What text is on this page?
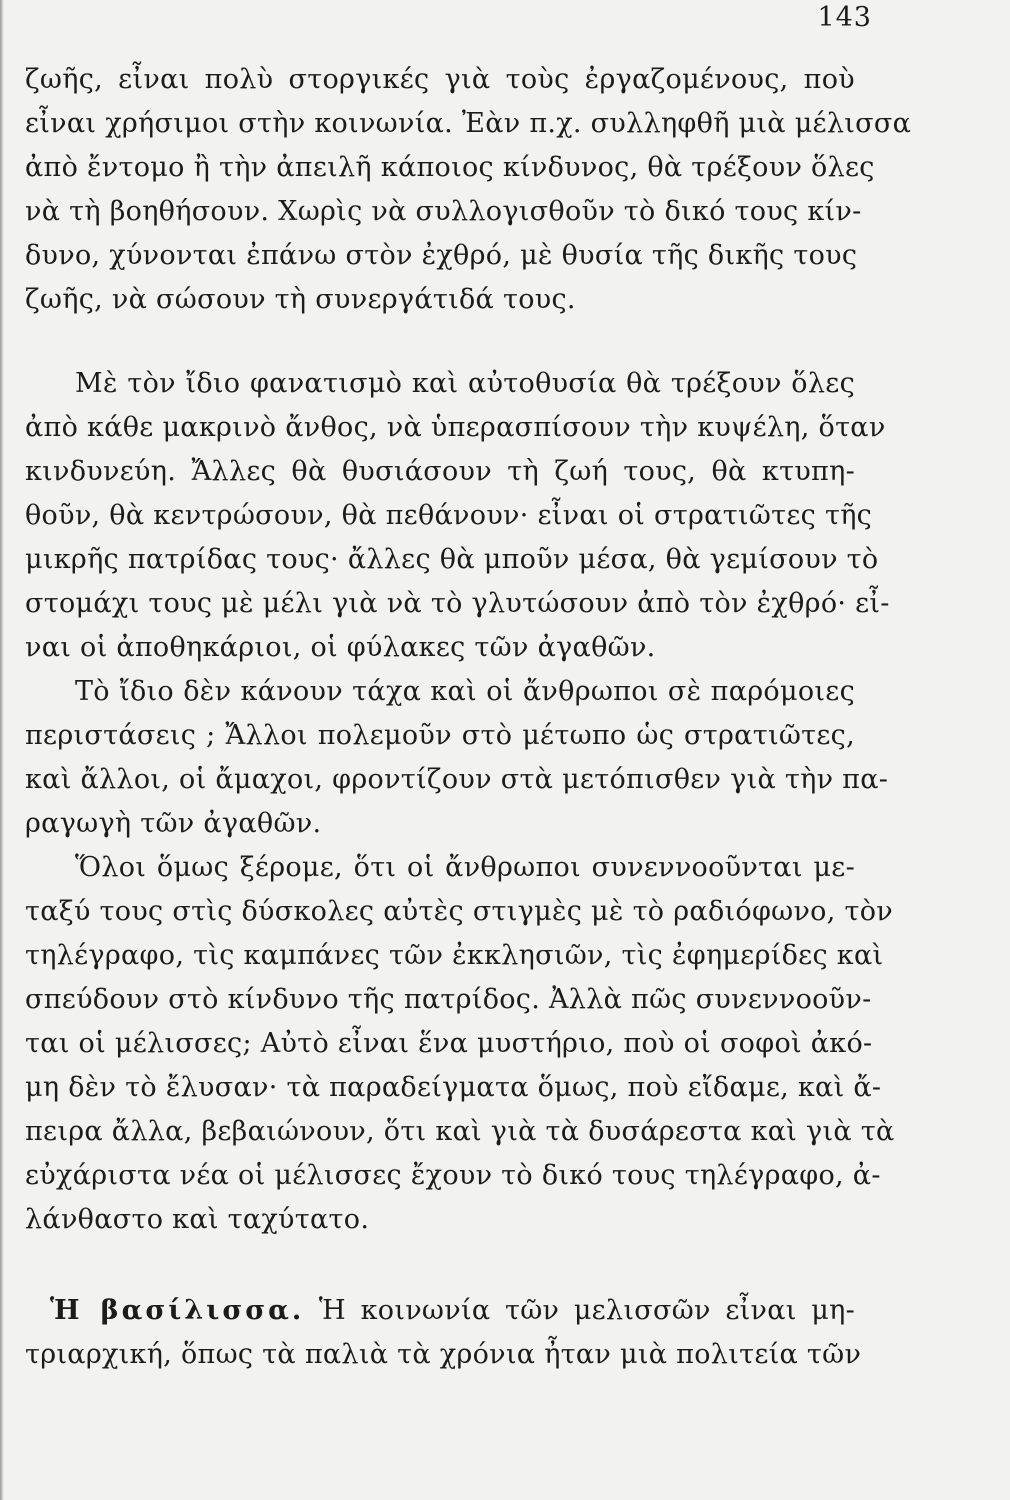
143
ζωῆς, εἶναι πολὺ στοργικές γιὰ τοὺς ἐργαζομένους, ποὺ
εἶναι χρήσιμοι στὴν κοινωνία. Ἐὰν π.χ. συλληφθῆ μιὰ μέλισσα
ἀπὸ ἔντομο ἢ τὴν ἀπειλῆ κάποιος κίνδυνος, θὰ τρέξουν ὅλες
νὰ τὴ βοηθήσουν. Χωρὶς νὰ συλλογισθοῦν τὸ δικό τους κίν-
δυνο, χύνονται ἐπάνω στὸν ἐχθρό, μὲ θυσία τῆς δικῆς τους
ζωῆς, νὰ σώσουν τὴ συνεργάτιδά τους.
Μὲ τὸν ἴδιο φανατισμὸ καὶ αὐτοθυσία θὰ τρέξουν ὅλες
ἀπὸ κάθε μακρινὸ ἄνθος, νὰ ὑπερασπίσουν τὴν κυψέλη, ὅταν
κινδυνεύη. Ἄλλες θὰ θυσιάσουν τὴ ζωή τους, θὰ κτυπη-
θοῦν, θὰ κεντρώσουν, θὰ πεθάνουν· εἶναι οἱ στρατιῶτες τῆς
μικρῆς πατρίδας τους· ἄλλες θὰ μποῦν μέσα, θὰ γεμίσουν τὸ
στομάχι τους μὲ μέλι γιὰ νὰ τὸ γλυτώσουν ἀπὸ τὸν ἐχθρό· εἶ-
ναι οἱ ἀποθηκάριοι, οἱ φύλακες τῶν ἀγαθῶν.
Τὸ ἴδιο δὲν κάνουν τάχα καὶ οἱ ἄνθρωποι σὲ παρόμοιες
περιστάσεις ; Ἄλλοι πολεμοῦν στὸ μέτωπο ὡς στρατιῶτες,
καὶ ἄλλοι, οἱ ἄμαχοι, φροντίζουν στὰ μετόπισθεν γιὰ τὴν πα-
ραγωγὴ τῶν ἀγαθῶν.
Ὅλοι ὅμως ξέρομε, ὅτι οἱ ἄνθρωποι συνεννοοῦνται με-
ταξύ τους στὶς δύσκολες αὐτὲς στιγμὲς μὲ τὸ ραδιόφωνο, τὸν
τηλέγραφο, τὶς καμπάνες τῶν ἐκκλησιῶν, τὶς ἐφημερίδες καὶ
σπεύδουν στὸ κίνδυνο τῆς πατρίδος. Ἀλλὰ πῶς συνεννοοῦν-
ται οἱ μέλισσες; Αὐτὸ εἶναι ἕνα μυστήριο, ποὺ οἱ σοφοὶ ἀκό-
μη δὲν τὸ ἔλυσαν· τὰ παραδείγματα ὅμως, ποὺ εἴδαμε, καὶ ἄ-
πειρα ἄλλα, βεβαιώνουν, ὅτι καὶ γιὰ τὰ δυσάρεστα καὶ γιὰ τὰ
εὐχάριστα νέα οἱ μέλισσες ἔχουν τὸ δικό τους τηλέγραφο, ἀ-
λάνθαστο καὶ ταχύτατο.
Ἡ βασίλισσα. Ἡ κοινωνία τῶν μελισσῶν εἶναι μη-
τριαρχική, ὅπως τὰ παλιὰ τὰ χρόνια ἦταν μιὰ πολιτεία τῶν
